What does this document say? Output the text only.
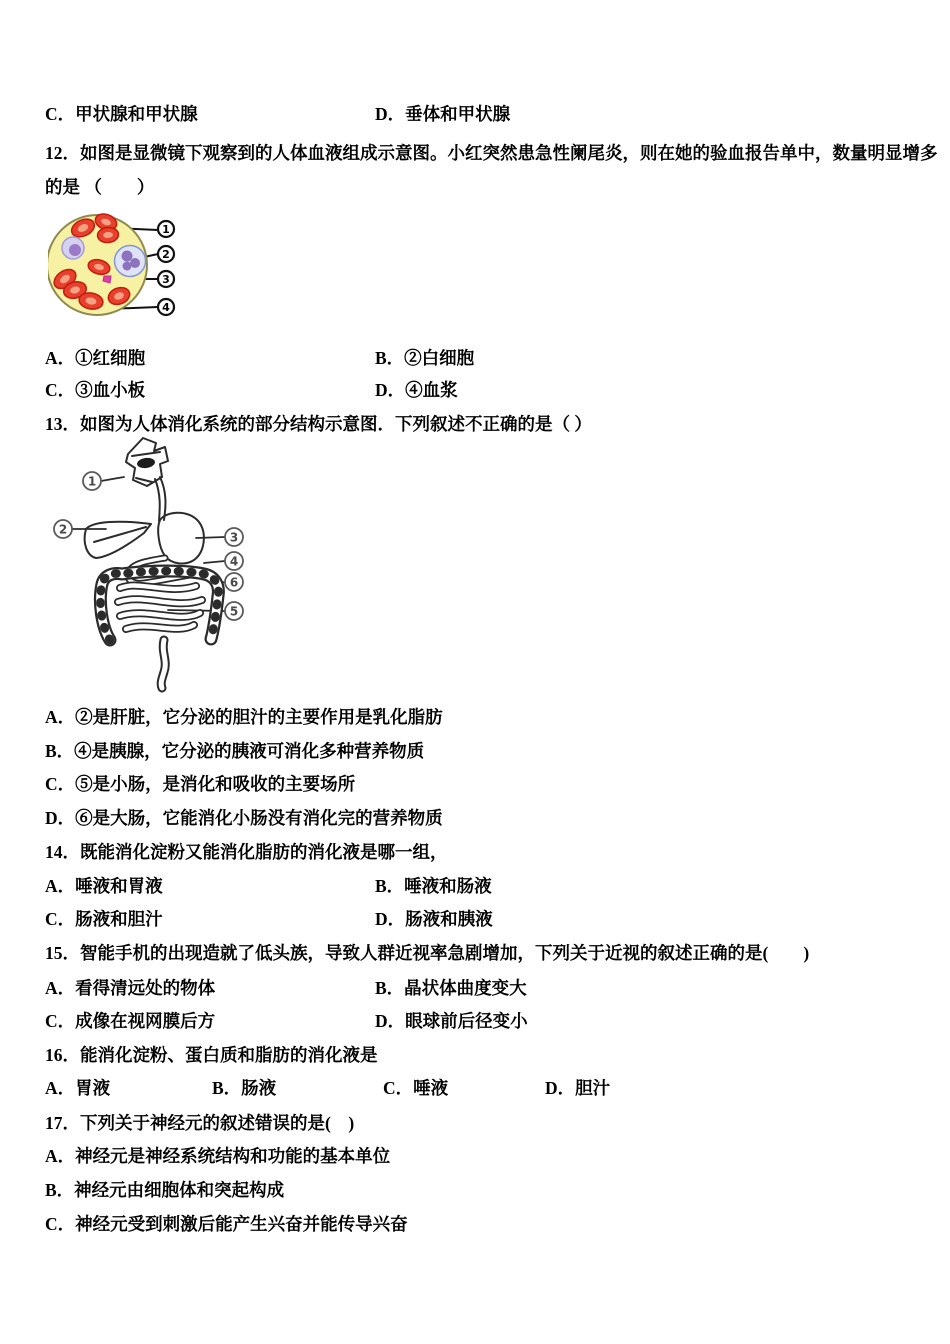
C．甲状腺和甲状腺	D．垂体和甲状腺
12．如图是显微镜下观察到的人体血液组成示意图。小红突然患急性阑尾炎，则在她的验血报告单中，数量明显增多
的是 （　　）
1
2
3
4
A．①红细胞	B．②白细胞
C．③血小板	D．④血浆
13．如图为人体消化系统的部分结构示意图．下列叙述不正确的是（ ）
1
2
3
4
6
5
A．②是肝脏，它分泌的胆汁的主要作用是乳化脂肪
B．④是胰腺，它分泌的胰液可消化多种营养物质
C．⑤是小肠，是消化和吸收的主要场所
D．⑥是大肠，它能消化小肠没有消化完的营养物质
14．既能消化淀粉又能消化脂肪的消化液是哪一组，
A．唾液和胃液	B．唾液和肠液
C．肠液和胆汁	D．肠液和胰液
15．智能手机的出现造就了低头族，导致人群近视率急剧增加，下列关于近视的叙述正确的是(　　)
A．看得清远处的物体	B．晶状体曲度变大
C．成像在视网膜后方	D．眼球前后径变小
16．能消化淀粉、蛋白质和脂肪的消化液是
A．胃液	B．肠液	C．唾液	D．胆汁
17．下列关于神经元的叙述错误的是(　)
A．神经元是神经系统结构和功能的基本单位
B．神经元由细胞体和突起构成
C．神经元受到刺激后能产生兴奋并能传导兴奋
